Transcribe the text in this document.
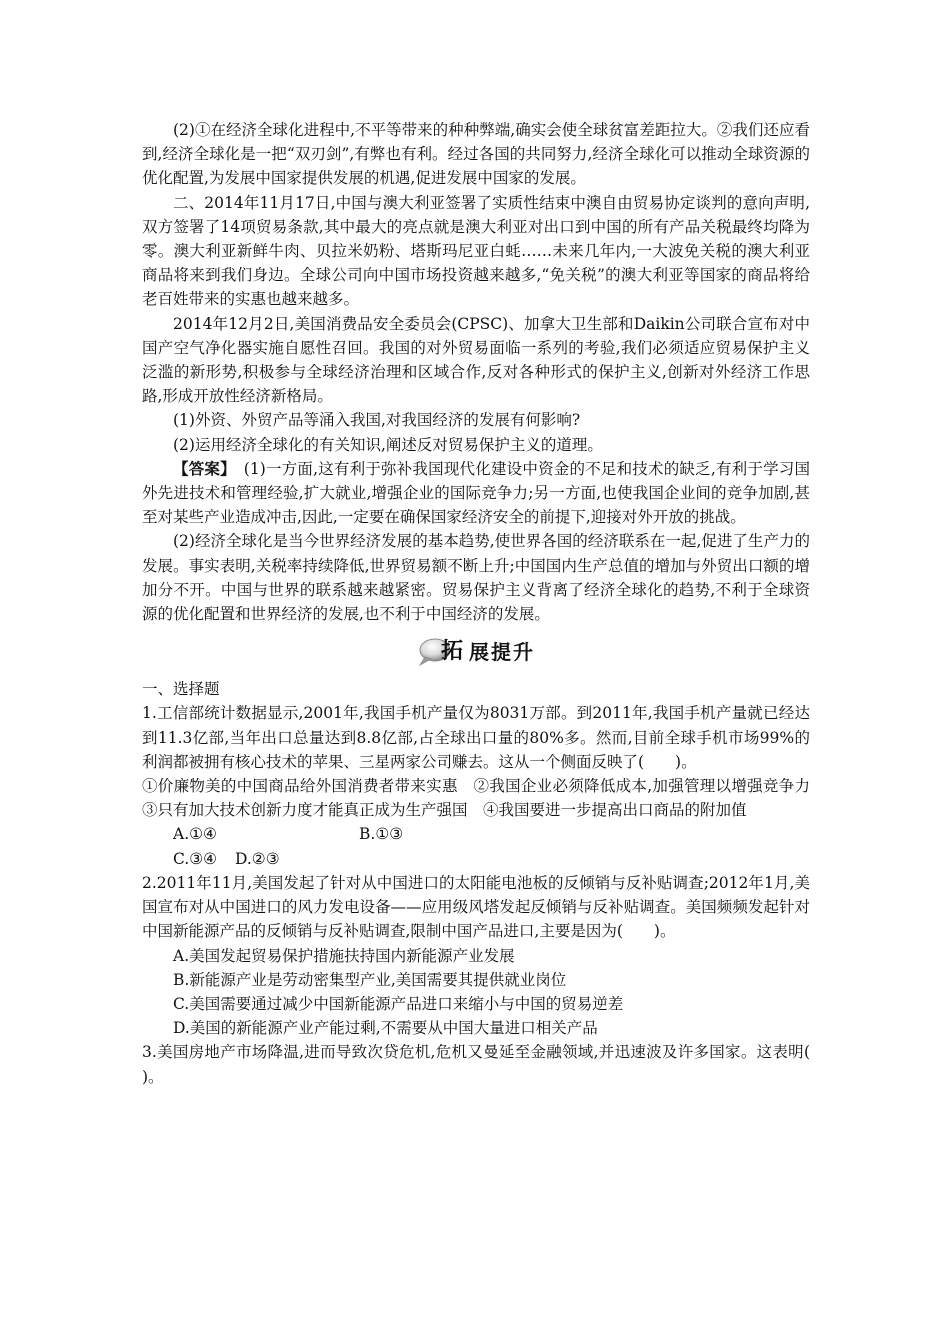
(2)①在经济全球化进程中,不平等带来的种种弊端,确实会使全球贫富差距拉大。②我们还应看到,经济全球化是一把“双刃剑”,有弊也有利。经过各国的共同努力,经济全球化可以推动全球资源的优化配置,为发展中国家提供发展的机遇,促进发展中国家的发展。

二、2014年11月17日,中国与澳大利亚签署了实质性结束中澳自由贸易协定谈判的意向声明,双方签署了14项贸易条款,其中最大的亮点就是澳大利亚对出口到中国的所有产品关税最终均降为零。澳大利亚新鲜牛肉、贝拉米奶粉、塔斯玛尼亚白蚝……未来几年内,一大波免关税的澳大利亚商品将来到我们身边。全球公司向中国市场投资越来越多,“免关税”的澳大利亚等国家的商品将给老百姓带来的实惠也越来越多。

2014年12月2日,美国消费品安全委员会(CPSC)、加拿大卫生部和Daikin公司联合宣布对中国产空气净化器实施自愿性召回。我国的对外贸易面临一系列的考验,我们必须适应贸易保护主义泛滥的新形势,积极参与全球经济治理和区域合作,反对各种形式的保护主义,创新对外经济工作思路,形成开放性经济新格局。

(1)外资、外贸产品等涌入我国,对我国经济的发展有何影响?

(2)运用经济全球化的有关知识,阐述反对贸易保护主义的道理。

【答案】　 (1)一方面,这有利于弥补我国现代化建设中资金的不足和技术的缺乏,有利于学习国外先进技术和管理经验,扩大就业,增强企业的国际竞争力;另一方面,也使我国企业间的竞争加剧,甚至对某些产业造成冲击,因此,一定要在确保国家经济安全的前提下,迎接对外开放的挑战。

(2)经济全球化是当今世界经济发展的基本趋势,使世界各国的经济联系在一起,促进了生产力的发展。事实表明,关税率持续降低,世界贸易额不断上升;中国国内生产总值的增加与外贸出口额的增加分不开。中国与世界的联系越来越紧密。贸易保护主义背离了经济全球化的趋势,不利于全球资源的优化配置和世界经济的发展,也不利于中国经济的发展。

拓 展提升

一、选择题

1.工信部统计数据显示,2001年,我国手机产量仅为8031万部。到2011年,我国手机产量就已经达到11.3亿部,当年出口总量达到8.8亿部,占全球出口量的80%多。然而,目前全球手机市场99%的利润都被拥有核心技术的苹果、三星两家公司赚去。这从一个侧面反映了(　　)。

①价廉物美的中国商品给外国消费者带来实惠　②我国企业必须降低成本,加强管理以增强竞争力　③只有加大技术创新力度才能真正成为生产强国　④我国要进一步提高出口商品的附加值

A.①④	B.①③
C.③④	D.②③

2.2011年11月,美国发起了针对从中国进口的太阳能电池板的反倾销与反补贴调查;2012年1月,美国宣布对从中国进口的风力发电设备——应用级风塔发起反倾销与反补贴调查。美国频频发起针对中国新能源产品的反倾销与反补贴调查,限制中国产品进口,主要是因为(　　)。

A.美国发起贸易保护措施扶持国内新能源产业发展

B.新能源产业是劳动密集型产业,美国需要其提供就业岗位

C.美国需要通过减少中国新能源产品进口来缩小与中国的贸易逆差

D.美国的新能源产业产能过剩,不需要从中国大量进口相关产品

3.美国房地产市场降温,进而导致次贷危机,危机又曼延至金融领域,并迅速波及许多国家。这表明(　　)。
